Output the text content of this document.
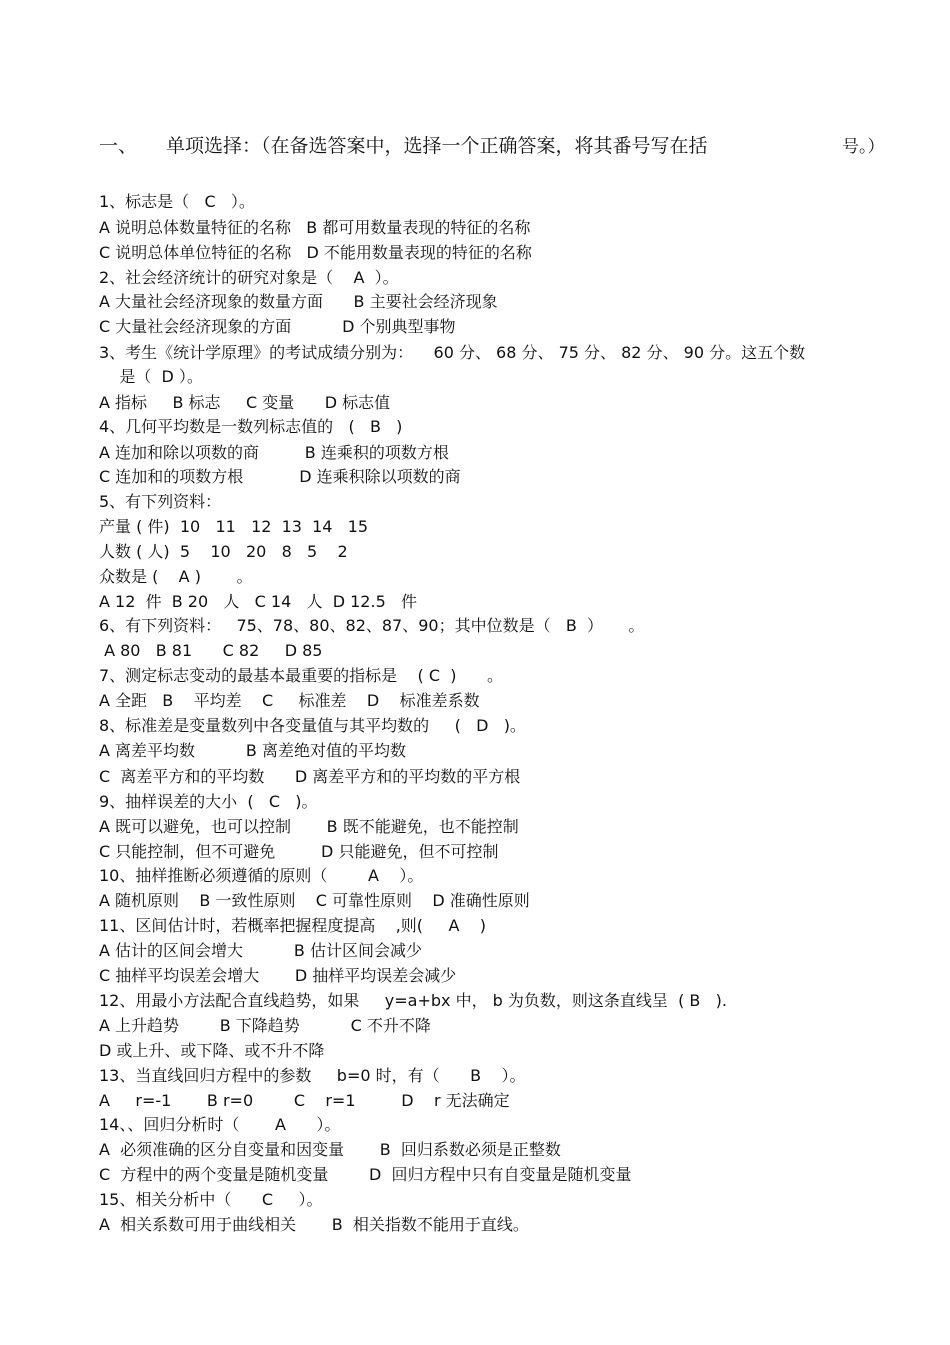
一、 单项选择：（在备选答案中，选择一个正确答案，将其番号写在括	号。）
1、标志是（   C   ）。
A 说明总体数量特征的名称   B 都可用数量表现的特征的名称
C 说明总体单位特征的名称   D 不能用数量表现的特征的名称
2、社会经济统计的研究对象是（    A  ）。
A 大量社会经济现象的数量方面      B 主要社会经济现象
C 大量社会经济现象的方面          D 个别典型事物
3、考生《统计学原理》的考试成绩分别为：    60 分、 68 分、 75 分、 82 分、 90 分。这五个数
是（  D ）。
A 指标     B 标志     C 变量      D 标志值
4、几何平均数是一数列标志值的   (   B   )
A 连加和除以项数的商         B 连乘积的项数方根
C 连加和的项数方根           D 连乘积除以项数的商
5、有下列资料：
产量 ( 件)  10   11   12  13  14   15
人数 ( 人)  5    10   20   8   5    2
众数是 (    A )       。
A 12  件  B 20   人   C 14   人  D 12.5   件
6、有下列资料：   75、78、80、82、87、90；其中位数是（   B  ）     。
A 80   B 81      C 82     D 85
7、测定标志变动的最基本最重要的指标是    ( C  )      。
A 全距   B    平均差    C     标准差    D    标准差系数
8、标准差是变量数列中各变量值与其平均数的     (   D   )。
A 离差平均数          B 离差绝对值的平均数
C  离差平方和的平均数      D 离差平方和的平均数的平方根
9、抽样误差的大小  (   C   )。
A 既可以避免，也可以控制       B 既不能避免，也不能控制
C 只能控制，但不可避免         D 只能避免，但不可控制
10、抽样推断必须遵循的原则（        A    ）。
A 随机原则    B 一致性原则    C 可靠性原则    D 准确性原则
11、区间估计时，若概率把握程度提高    ,则(     A    )
A 估计的区间会增大          B 估计区间会减少
C 抽样平均误差会增大       D 抽样平均误差会减少
12、用最小方法配合直线趋势，如果     y=a+bx 中， b 为负数，则这条直线呈  ( B   ).
A 上升趋势        B 下降趋势          C 不升不降
D 或上升、或下降、或不升不降
13、当直线回归方程中的参数     b=0 时，有（      B    ）。
A     r=-1       B r=0        C    r=1         D    r 无法确定
14、、回归分析时（       A      ）。
A  必须准确的区分自变量和因变量       B  回归系数必须是正整数
C  方程中的两个变量是随机变量        D  回归方程中只有自变量是随机变量
15、相关分析中（      C     ）。
A  相关系数可用于曲线相关       B  相关指数不能用于直线。
